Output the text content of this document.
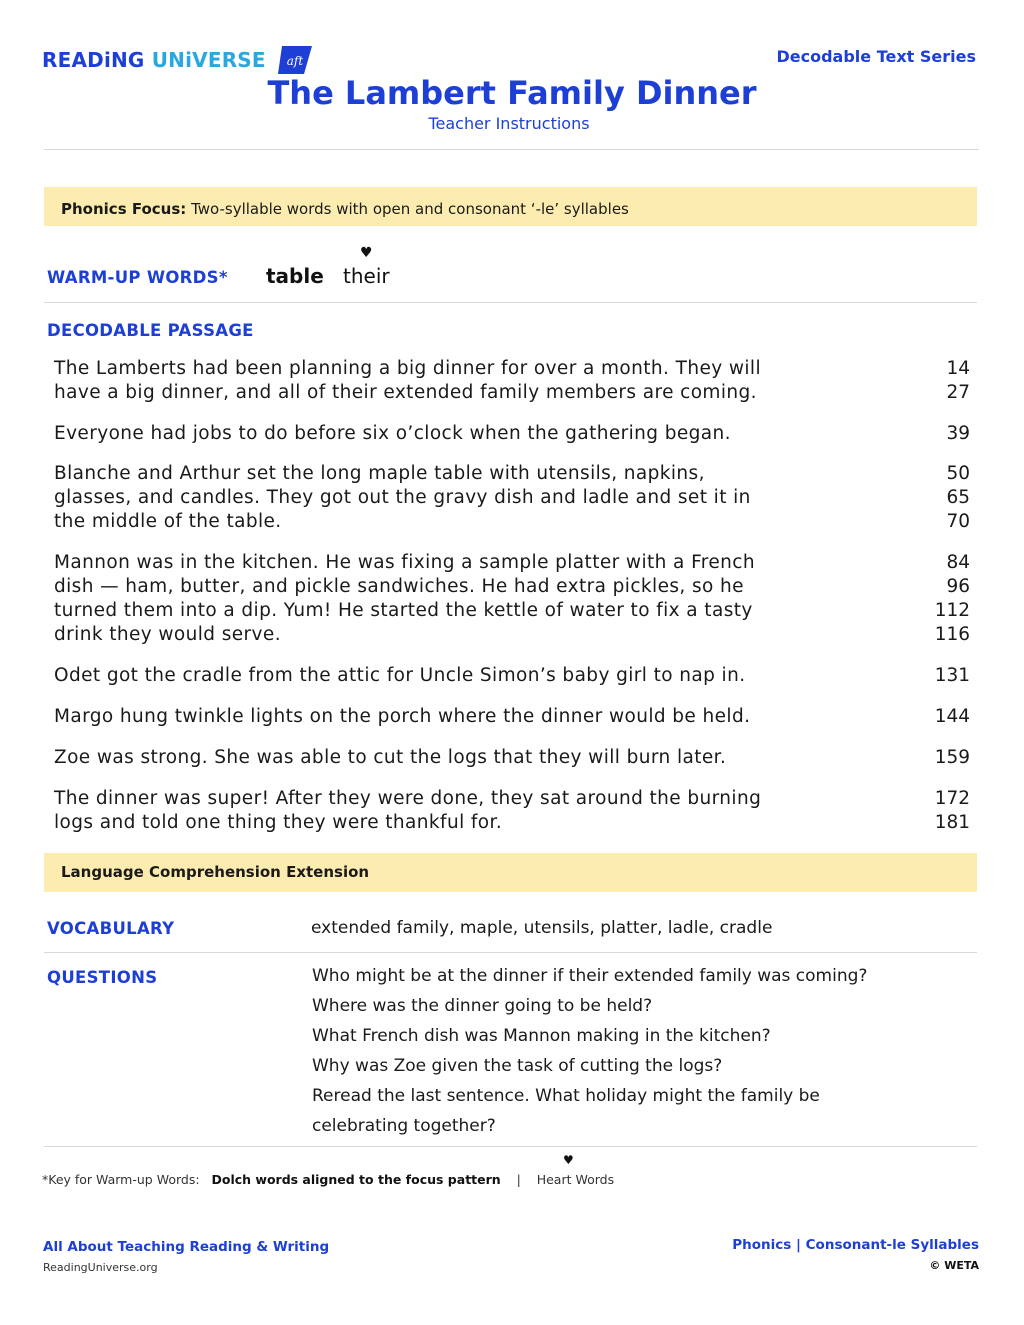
READiNG UNiVERSE aft	Decodable Text Series
The Lambert Family Dinner
Teacher Instructions
Phonics Focus: Two-syllable words with open and consonant ‘-le’ syllables
WARM-UP WORDS* table
♥
their
DECODABLE PASSAGE
The Lamberts had been planning a big dinner for over a month. They will	14
have a big dinner, and all of their extended family members are coming.	27
Everyone had jobs to do before six o’clock when the gathering began.	39
Blanche and Arthur set the long maple table with utensils, napkins,	50
glasses, and candles. They got out the gravy dish and ladle and set it in	65
the middle of the table.	70
Mannon was in the kitchen. He was fixing a sample platter with a French	84
dish — ham, butter, and pickle sandwiches. He had extra pickles, so he	96
turned them into a dip. Yum! He started the kettle of water to fix a tasty	112
drink they would serve.	116
Odet got the cradle from the attic for Uncle Simon’s baby girl to nap in.	131
Margo hung twinkle lights on the porch where the dinner would be held.	144
Zoe was strong. She was able to cut the logs that they will burn later.	159
The dinner was super! After they were done, they sat around the burning	172
logs and told one thing they were thankful for.	181
Language Comprehension Extension
VOCABULARY	extended family, maple, utensils, platter, ladle, cradle
QUESTIONS	Who might be at the dinner if their extended family was coming?
Where was the dinner going to be held?
What French dish was Mannon making in the kitchen?
Why was Zoe given the task of cutting the logs?
Reread the last sentence. What holiday might the family be
celebrating together?
♥
*Key for Warm-up Words: Dolch words aligned to the focus pattern | Heart Words
All About Teaching Reading & Writing
ReadingUniverse.org
Phonics | Consonant-le Syllables
© WETA
